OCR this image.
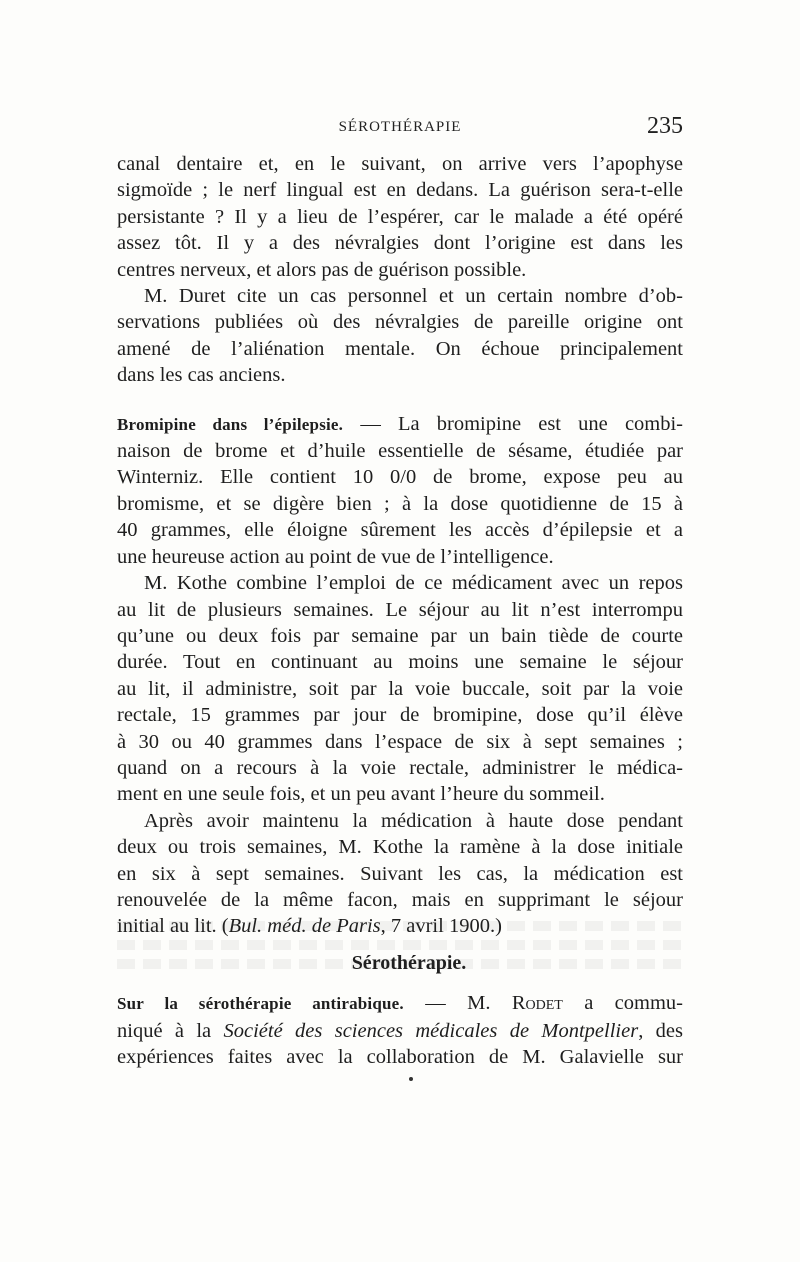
SÉROTHÉRAPIE	235
canal dentaire et, en le suivant, on arrive vers l’apophyse
sigmoïde ; le nerf lingual est en dedans. La guérison sera-t-elle
persistante ? Il y a lieu de l’espérer, car le malade a été opéré
assez tôt. Il y a des névralgies dont l’origine est dans les
centres nerveux, et alors pas de guérison possible.
M. Duret cite un cas personnel et un certain nombre d’ob-
servations publiées où des névralgies de pareille origine ont
amené de l’aliénation mentale. On échoue principalement
dans les cas anciens.
Bromipine dans l’épilepsie. — La bromipine est une combi-
naison de brome et d’huile essentielle de sésame, étudiée par
Winterniz. Elle contient 10 0/0 de brome, expose peu au
bromisme, et se digère bien ; à la dose quotidienne de 15 à
40 grammes, elle éloigne sûrement les accès d’épilepsie et a
une heureuse action au point de vue de l’intelligence.
M. Kothe combine l’emploi de ce médicament avec un repos
au lit de plusieurs semaines. Le séjour au lit n’est interrompu
qu’une ou deux fois par semaine par un bain tiède de courte
durée. Tout en continuant au moins une semaine le séjour
au lit, il administre, soit par la voie buccale, soit par la voie
rectale, 15 grammes par jour de bromipine, dose qu’il élève
à 30 ou 40 grammes dans l’espace de six à sept semaines ;
quand on a recours à la voie rectale, administrer le médica-
ment en une seule fois, et un peu avant l’heure du sommeil.
Après avoir maintenu la médication à haute dose pendant
deux ou trois semaines, M. Kothe la ramène à la dose initiale
en six à sept semaines. Suivant les cas, la médication est
renouvelée de la même facon, mais en supprimant le séjour
initial au lit. (Bul. méd. de Paris, 7 avril 1900.)
Sérothérapie.
Sur la sérothérapie antirabique. — M. Rodet a commu-
niqué à la Société des sciences médicales de Montpellier, des
expériences faites avec la collaboration de M. Galavielle sur
